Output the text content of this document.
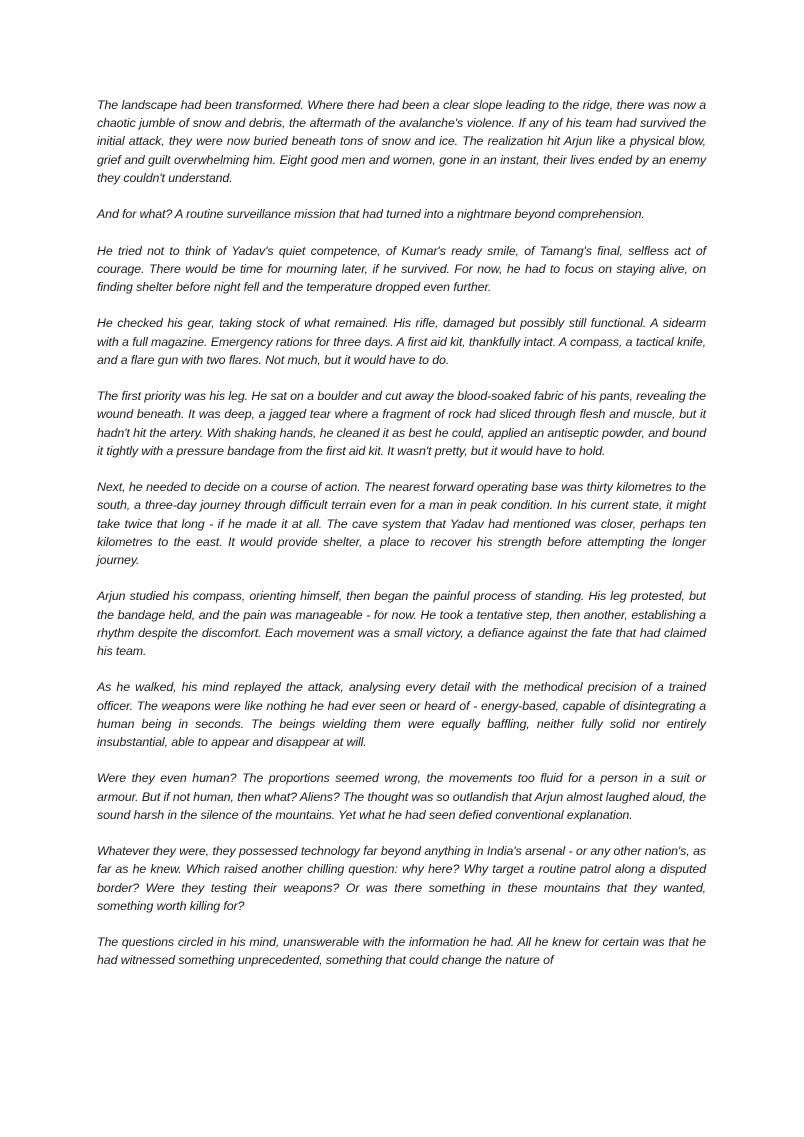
The landscape had been transformed. Where there had been a clear slope leading to the ridge, there was now a chaotic jumble of snow and debris, the aftermath of the avalanche's violence. If any of his team had survived the initial attack, they were now buried beneath tons of snow and ice. The realization hit Arjun like a physical blow, grief and guilt overwhelming him. Eight good men and women, gone in an instant, their lives ended by an enemy they couldn't understand.

And for what? A routine surveillance mission that had turned into a nightmare beyond comprehension.

He tried not to think of Yadav's quiet competence, of Kumar's ready smile, of Tamang's final, selfless act of courage. There would be time for mourning later, if he survived. For now, he had to focus on staying alive, on finding shelter before night fell and the temperature dropped even further.

He checked his gear, taking stock of what remained. His rifle, damaged but possibly still functional. A sidearm with a full magazine. Emergency rations for three days. A first aid kit, thankfully intact. A compass, a tactical knife, and a flare gun with two flares. Not much, but it would have to do.

The first priority was his leg. He sat on a boulder and cut away the blood-soaked fabric of his pants, revealing the wound beneath. It was deep, a jagged tear where a fragment of rock had sliced through flesh and muscle, but it hadn't hit the artery. With shaking hands, he cleaned it as best he could, applied an antiseptic powder, and bound it tightly with a pressure bandage from the first aid kit. It wasn't pretty, but it would have to hold.

Next, he needed to decide on a course of action. The nearest forward operating base was thirty kilometres to the south, a three-day journey through difficult terrain even for a man in peak condition. In his current state, it might take twice that long - if he made it at all. The cave system that Yadav had mentioned was closer, perhaps ten kilometres to the east. It would provide shelter, a place to recover his strength before attempting the longer journey.

Arjun studied his compass, orienting himself, then began the painful process of standing. His leg protested, but the bandage held, and the pain was manageable - for now. He took a tentative step, then another, establishing a rhythm despite the discomfort. Each movement was a small victory, a defiance against the fate that had claimed his team.

As he walked, his mind replayed the attack, analysing every detail with the methodical precision of a trained officer. The weapons were like nothing he had ever seen or heard of - energy-based, capable of disintegrating a human being in seconds. The beings wielding them were equally baffling, neither fully solid nor entirely insubstantial, able to appear and disappear at will.

Were they even human? The proportions seemed wrong, the movements too fluid for a person in a suit or armour. But if not human, then what? Aliens? The thought was so outlandish that Arjun almost laughed aloud, the sound harsh in the silence of the mountains. Yet what he had seen defied conventional explanation.

Whatever they were, they possessed technology far beyond anything in India's arsenal - or any other nation's, as far as he knew. Which raised another chilling question: why here? Why target a routine patrol along a disputed border? Were they testing their weapons? Or was there something in these mountains that they wanted, something worth killing for?

The questions circled in his mind, unanswerable with the information he had. All he knew for certain was that he had witnessed something unprecedented, something that could change the nature of
